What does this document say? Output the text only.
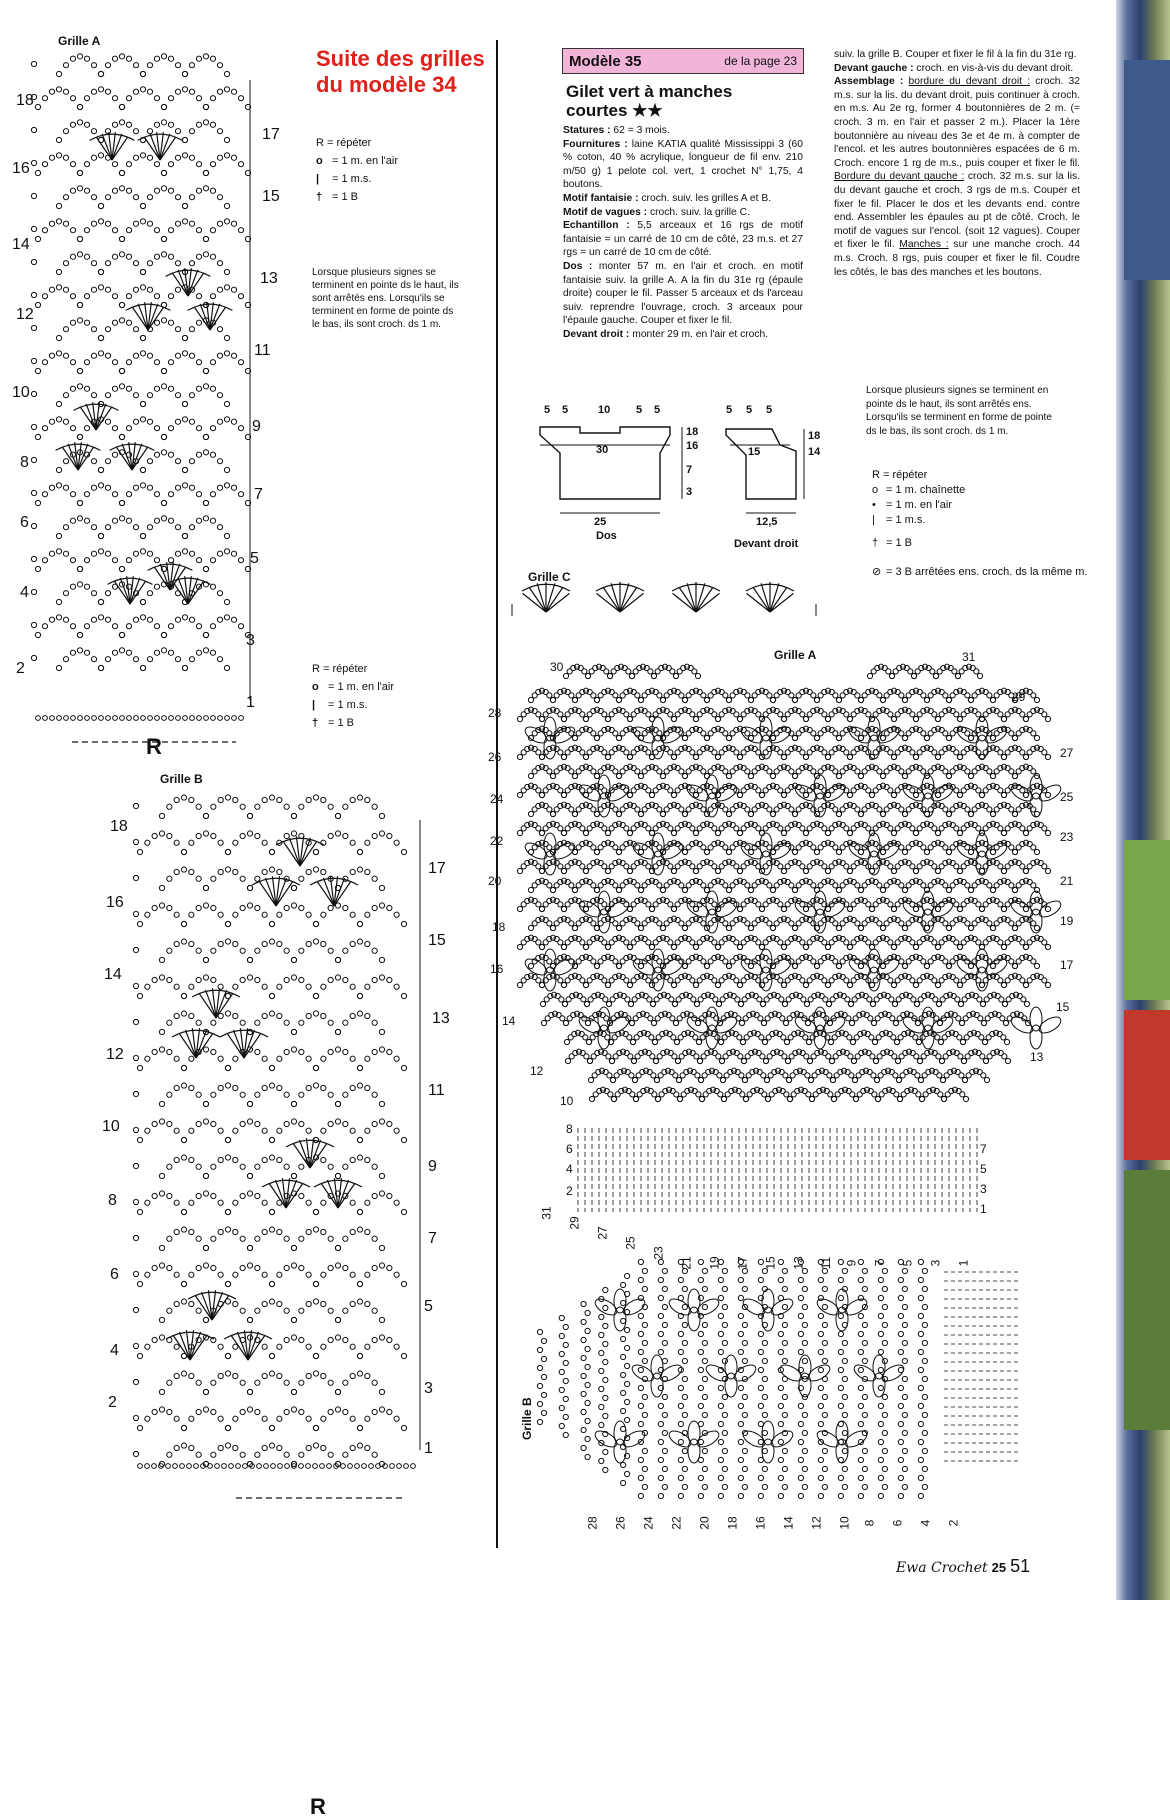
Grille A
18
16
14
12
10
8
6
4
2
17
15
13
11
9
7
5
3
1
18
16
14
12
10
8
6
4
2
17
15
13
11
9
7
5
3
1
R
Grille B
R
Suite des grilles du modèle 34
R = répéter
o = 1 m. en l'air
| = 1 m.s.
† = 1 B
Lorsque plusieurs signes se terminent en pointe ds le haut, ils sont arrêtés ens. Lorsqu'ils se terminent en forme de pointe ds le bas, ils sont croch. ds 1 m.
R = répéter
o = 1 m. en l'air
| = 1 m.s.
† = 1 B
Modèle 35	de la page 23
Gilet vert à manches courtes ★★

Statures : 62 = 3 mois.

Fournitures : laine KATIA qualité Mississippi 3 (60 % coton, 40 % acrylique, longueur de fil env. 210 m/50 g) 1 pelote col. vert, 1 crochet N° 1,75, 4 boutons.

Motif fantaisie : croch. suiv. les grilles A et B.

Motif de vagues : croch. suiv. la grille C.

Echantillon : 5,5 arceaux et 16 rgs de motif fantaisie = un carré de 10 cm de côté, 23 m.s. et 27 rgs = un carré de 10 cm de côté.

Dos : monter 57 m. en l'air et croch. en motif fantaisie suiv. la grille A. A la fin du 31e rg (épaule droite) couper le fil. Passer 5 arceaux et ds l'arceau suiv. reprendre l'ouvrage, croch. 3 arceaux pour l'épaule gauche. Couper et fixer le fil.

Devant droit : monter 29 m. en l'air et croch.

suiv. la grille B. Couper et fixer le fil à la fin du 31e rg.

Devant gauche : croch. en vis-à-vis du devant droit.

Assemblage : bordure du devant droit : croch. 32 m.s. sur la lis. du devant droit, puis continuer à croch. en m.s. Au 2e rg, former 4 boutonnières de 2 m. (= croch. 3 m. en l'air et passer 2 m.). Placer la 1ère boutonnière au niveau des 3e et 4e m. à compter de l'encol. et les autres boutonnières espacées de 6 m. Croch. encore 1 rg de m.s., puis couper et fixer le fil. Bordure du devant gauche : croch. 32 m.s. sur la lis. du devant gauche et croch. 3 rgs de m.s. Couper et fixer le fil. Placer le dos et les devants end. contre end. Assembler les épaules au pt de côté. Croch. le motif de vagues sur l'encol. (soit 12 vagues). Couper et fixer le fil. Manches : sur une manche croch. 44 m.s. Croch. 8 rgs, puis couper et fixer le fil. Coudre les côtés, le bas des manches et les boutons.

Lorsque plusieurs signes se terminent en pointe ds le haut, ils sont arrêtés ens. Lorsqu'ils se terminent en forme de pointe ds le bas, ils sont croch. ds 1 m.
R = répéter
o = 1 m. chaînette
• = 1 m. en l'air
| = 1 m.s.
† = 1 B
⊘ = 3 B arrêtées ens. croch. ds la même m.
5 5	10 5 5
30
25
Dos
18
16
7
3
5 5 5
15
12,5
Devant droit
18
14
Grille C
Grille A
Grille B
30
28
26
24
22
20
18
16
14
12
10
8
6
4
2
31
29
27
25
23
21
19
17
15
13
7
5
3
1
31
29
27
25
23
21 19 17 15 13 11 9 7 5 3 1
28 26 24 22 20 18 16 14 12 10 8 6 4 2
Ewa Crochet 25 51
